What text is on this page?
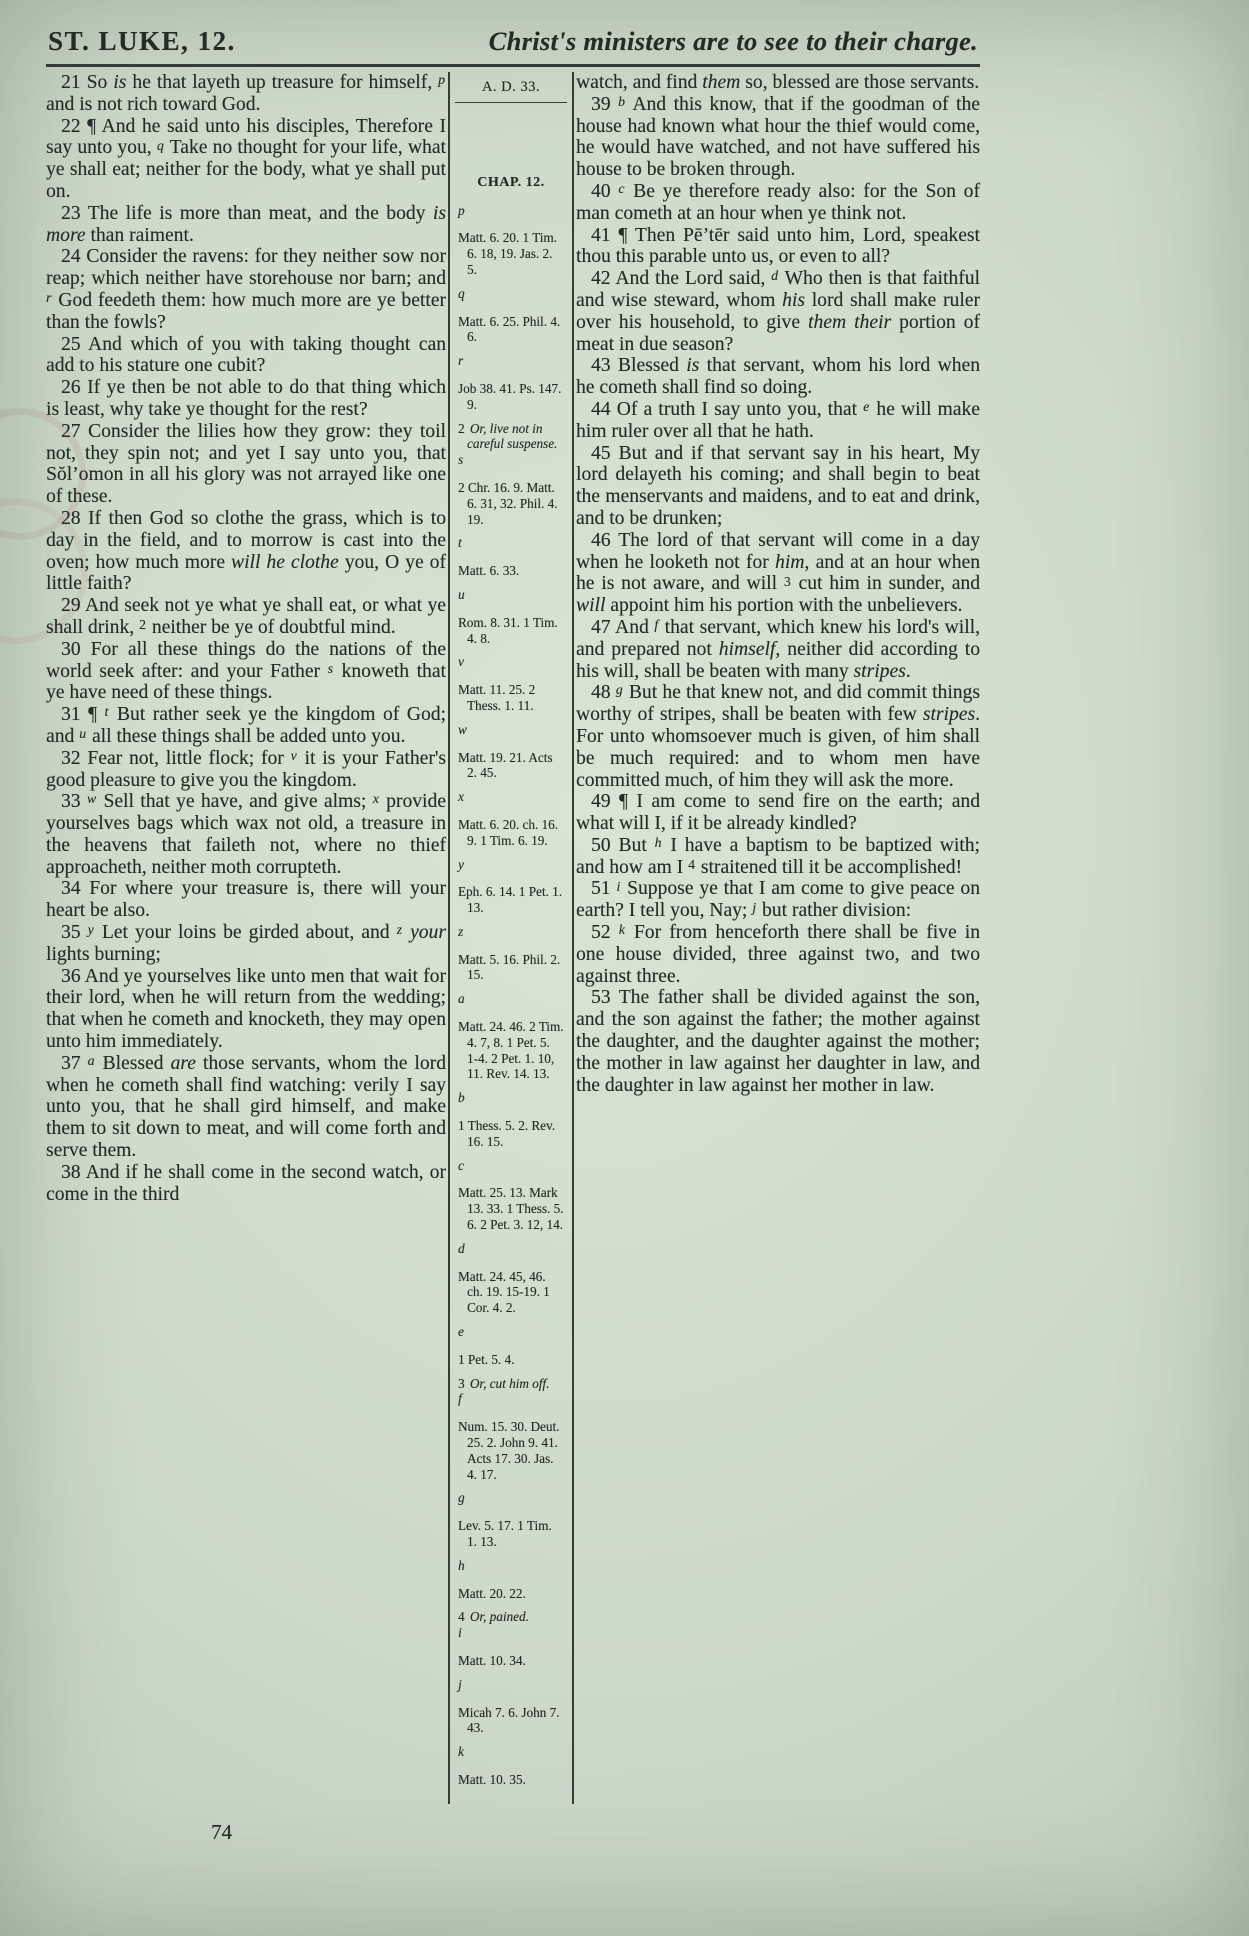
ST. LUKE, 12.	Christ's ministers are to see to their charge.

21 So is he that layeth up treasure for himself, $^p$ and is not rich toward God.

22 ¶ And he said unto his disciples, Therefore I say unto you, $^q$ Take no thought for your life, what ye shall eat; neither for the body, what ye shall put on.

23 The life is more than meat, and the body is more than raiment.

24 Consider the ravens: for they neither sow nor reap; which neither have storehouse nor barn; and $^r$ God feedeth them: how much more are ye better than the fowls?

25 And which of you with taking thought can add to his stature one cubit?

26 If ye then be not able to do that thing which is least, why take ye thought for the rest?

27 Consider the lilies how they grow: they toil not, they spin not; and yet I say unto you, that Sŏl’omon in all his glory was not arrayed like one of these.

28 If then God so clothe the grass, which is to day in the field, and to morrow is cast into the oven; how much more will he clothe you, O ye of little faith?

29 And seek not ye what ye shall eat, or what ye shall drink, $^2$ neither be ye of doubtful mind.

30 For all these things do the nations of the world seek after: and your Father $^s$ knoweth that ye have need of these things.

31 ¶ $^t$ But rather seek ye the kingdom of God; and $^u$ all these things shall be added unto you.

32 Fear not, little flock; for $^v$ it is your Father's good pleasure to give you the kingdom.

33 $^w$ Sell that ye have, and give alms; $^x$ provide yourselves bags which wax not old, a treasure in the heavens that faileth not, where no thief approacheth, neither moth corrupteth.

34 For where your treasure is, there will your heart be also.

35 $^y$ Let your loins be girded about, and $^z$ your lights burning;

36 And ye yourselves like unto men that wait for their lord, when he will return from the wedding; that when he cometh and knocketh, they may open unto him immediately.

37 $^a$ Blessed are those servants, whom the lord when he cometh shall find watching: verily I say unto you, that he shall gird himself, and make them to sit down to meat, and will come forth and serve them.

38 And if he shall come in the second watch, or come in the third

A. D. 33.
CHAP. 12.
p
Matt. 6. 20. 1 Tim. 6. 18, 19. Jas. 2. 5.
q
Matt. 6. 25. Phil. 4. 6.
r
Job 38. 41. Ps. 147. 9.
2 Or, live not in careful suspense.
s
2 Chr. 16. 9. Matt. 6. 31, 32. Phil. 4. 19.
t
Matt. 6. 33.
u
Rom. 8. 31. 1 Tim. 4. 8.
v
Matt. 11. 25. 2 Thess. 1. 11.
w
Matt. 19. 21. Acts 2. 45.
x
Matt. 6. 20. ch. 16. 9. 1 Tim. 6. 19.
y
Eph. 6. 14. 1 Pet. 1. 13.
z
Matt. 5. 16. Phil. 2. 15.
a
Matt. 24. 46. 2 Tim. 4. 7, 8. 1 Pet. 5. 1-4. 2 Pet. 1. 10, 11. Rev. 14. 13.
b
1 Thess. 5. 2. Rev. 16. 15.
c
Matt. 25. 13. Mark 13. 33. 1 Thess. 5. 6. 2 Pet. 3. 12, 14.
d
Matt. 24. 45, 46. ch. 19. 15-19. 1 Cor. 4. 2.
e
1 Pet. 5. 4.
3 Or, cut him off.
f
Num. 15. 30. Deut. 25. 2. John 9. 41. Acts 17. 30. Jas. 4. 17.
g
Lev. 5. 17. 1 Tim. 1. 13.
h
Matt. 20. 22.
4 Or, pained.
i
Matt. 10. 34.
j
Micah 7. 6. John 7. 43.
k
Matt. 10. 35.

watch, and find them so, blessed are those servants.

39 $^b$ And this know, that if the goodman of the house had known what hour the thief would come, he would have watched, and not have suffered his house to be broken through.

40 $^c$ Be ye therefore ready also: for the Son of man cometh at an hour when ye think not.

41 ¶ Then Pē’tēr said unto him, Lord, speakest thou this parable unto us, or even to all?

42 And the Lord said, $^d$ Who then is that faithful and wise steward, whom his lord shall make ruler over his household, to give them their portion of meat in due season?

43 Blessed is that servant, whom his lord when he cometh shall find so doing.

44 Of a truth I say unto you, that $^e$ he will make him ruler over all that he hath.

45 But and if that servant say in his heart, My lord delayeth his coming; and shall begin to beat the menservants and maidens, and to eat and drink, and to be drunken;

46 The lord of that servant will come in a day when he looketh not for him, and at an hour when he is not aware, and will $^3$ cut him in sunder, and will appoint him his portion with the unbelievers.

47 And $^f$ that servant, which knew his lord's will, and prepared not himself, neither did according to his will, shall be beaten with many stripes.

48 $^g$ But he that knew not, and did commit things worthy of stripes, shall be beaten with few stripes. For unto whomsoever much is given, of him shall be much required: and to whom men have committed much, of him they will ask the more.

49 ¶ I am come to send fire on the earth; and what will I, if it be already kindled?

50 But $^h$ I have a baptism to be baptized with; and how am I $^4$ straitened till it be accomplished!

51 $^i$ Suppose ye that I am come to give peace on earth? I tell you, Nay; $^j$ but rather division:

52 $^k$ For from henceforth there shall be five in one house divided, three against two, and two against three.

53 The father shall be divided against the son, and the son against the father; the mother against the daughter, and the daughter against the mother; the mother in law against her daughter in law, and the daughter in law against her mother in law.

74
